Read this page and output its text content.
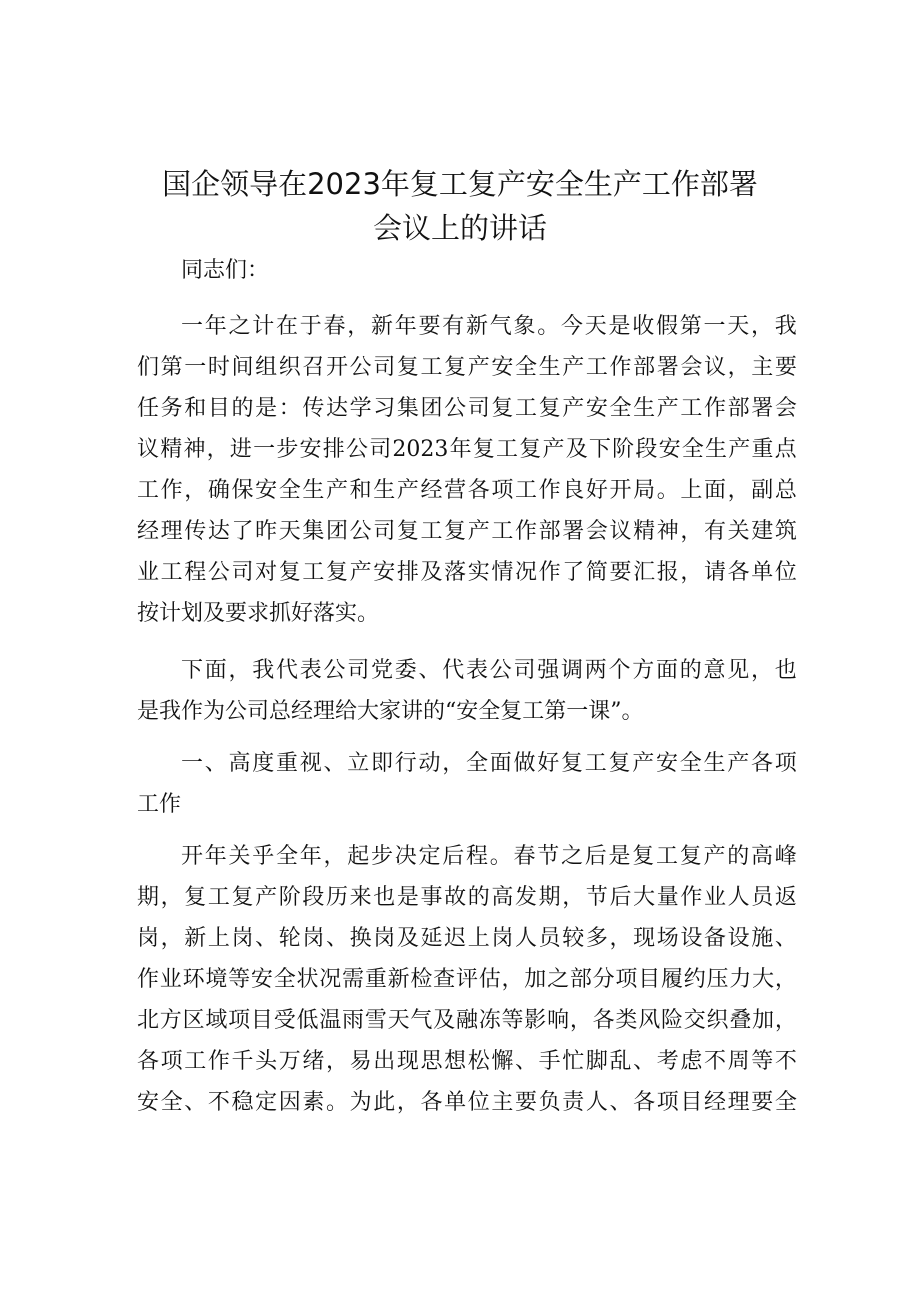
国企领导在2023年复工复产安全生产工作部署
会议上的讲话
同志们：
一 年 之 计 在 于 春 ， 新 年 要 有 新 气 象 。 今 天 是 收 假 第 一 天 ， 我
们 第 一 时 间 组 织 召 开 公 司 复 工 复 产 安 全 生 产 工 作 部 署 会 议 ， 主 要
任 务 和 目 的 是 ： 传 达 学 习 集 团 公 司 复 工 复 产 安 全 生 产 工 作 部 署 会
议 精 神 ， 进 一 步 安 排 公 司 2023 年 复 工 复 产 及 下 阶 段 安 全 生 产 重 点
工 作 ， 确 保 安 全 生 产 和 生 产 经 营 各 项 工 作 良 好 开 局 。 上 面 ， 副 总
经 理 传 达 了 昨 天 集 团 公 司 复 工 复 产 工 作 部 署 会 议 精 神 ， 有 关 建 筑
业 工 程 公 司 对 复 工 复 产 安 排 及 落 实 情 况 作 了 简 要 汇 报 ， 请 各 单 位
按计划及要求抓好落实。
下 面 ， 我 代 表 公 司 党 委 、 代 表 公 司 强 调 两 个 方 面 的 意 见 ， 也
是我作为公司总经理给大家讲的“安全复工第一课”。
一 、 高 度 重 视 、 立 即 行 动 ， 全 面 做 好 复 工 复 产 安 全 生 产 各 项
工作
开 年 关 乎 全 年 ， 起 步 决 定 后 程 。 春 节 之 后 是 复 工 复 产 的 高 峰
期 ， 复 工 复 产 阶 段 历 来 也 是 事 故 的 高 发 期 ， 节 后 大 量 作 业 人 员 返
岗 ， 新 上 岗 、 轮 岗 、 换 岗 及 延 迟 上 岗 人 员 较 多 ， 现 场 设 备 设 施 、
作 业 环 境 等 安 全 状 况 需 重 新 检 查 评 估 ， 加 之 部 分 项 目 履 约 压 力 大 ，
北 方 区 域 项 目 受 低 温 雨 雪 天 气 及 融 冻 等 影 响 ， 各 类 风 险 交 织 叠 加 ，
各 项 工 作 千 头 万 绪 ， 易 出 现 思 想 松 懈 、 手 忙 脚 乱 、 考 虑 不 周 等 不
安 全 、 不 稳 定 因 素 。 为 此 ， 各 单 位 主 要 负 责 人 、 各 项 目 经 理 要 全
